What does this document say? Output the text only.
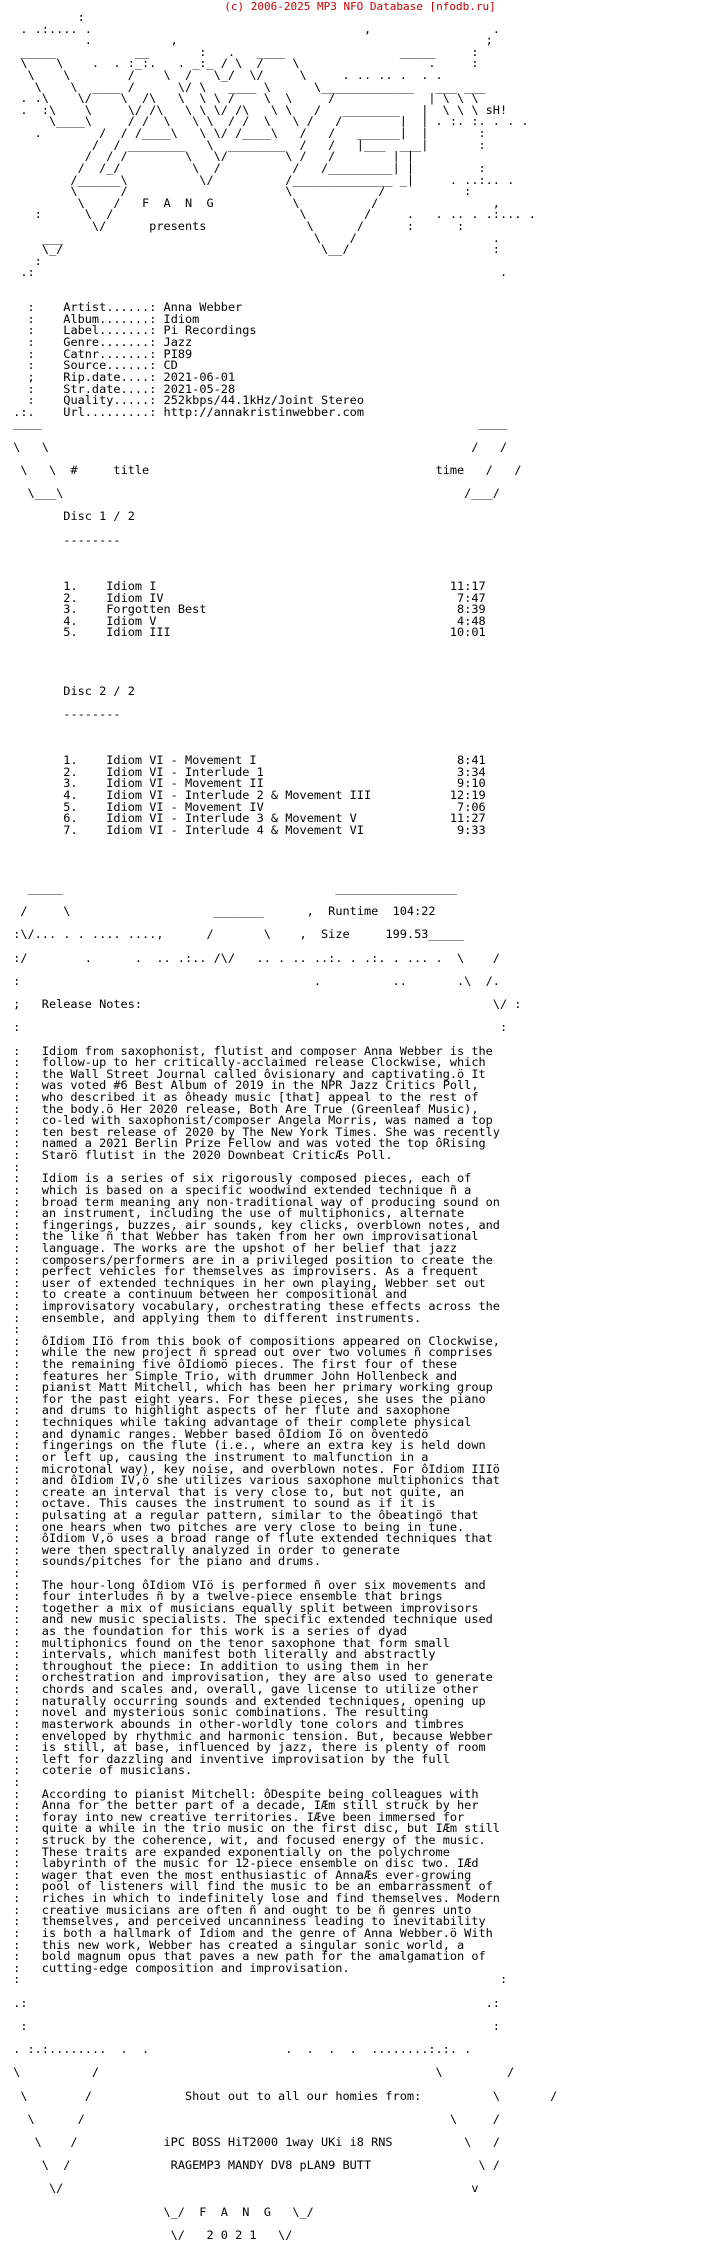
(c) 2006-2025 MP3 NFO Database [nfodb.ru]
:
. .:.... .                                      ,                 .
.           ,                                           ;
_____           __       :   .   ____                _____     :
\    \    .  . :_:.   . _:_ / \  /    \                  .     :
\    \        /    \  /   \_/  \/     \     . .. .. .  . .
\    \  ____ /      \/ \   ____ \      \_____________   ___ ___
. .\    \/    \  /\   \  \ \ /    \  \     /             | \ \ \
.  :\    \     \/ /\   \ \ \/ /\   \ \   /   ________   |  \ \ \ sH!
\____\     / /  \   \ \  / /  \   \ /   /        |  | . :. :. . . .
.        /  / /____\   \ \/ /____\   /   /   ______|  |       :
/  / ________   \  ________  /   /   |___  ___|       :
/  / /        \   \/        \ /   /        | |
/  /_/          \  /          /   /_________| |         :
/______\          \/          /______________ _|     . ..:.. .
\      /                      \            /           :
\    /   F  A  N  G           \          /                ,
:      \  /                          \        /     .   . .. . .:... .
\/      presents              \      /      :      :
___                                   \    /                   .
\_/                                    \__/                    :
:
.:                                                                 .

:    Artist......: Anna Webber
:    Album.......: Idiom
:    Label.......: Pi Recordings
:    Genre.......: Jazz
:    Catnr.......: PI89
:    Source......: CD
;    Rip.date....: 2021-06-01
:    Str.date....: 2021-05-28
:    Quality.....: 252kbps/44.1kHz/Joint Stereo
.:.    Url.........: http://annakristinwebber.com
____                                                             ____

\   \                                                           /   /

\   \  #	title	time   /   /

\___\                                                        /___/

Disc 1 / 2

--------

1. Idiom I	11:17
2. Idiom IV	7:47
3. Forgotten Best	8:39
4. Idiom V	4:48
5. Idiom III	10:01

Disc 2 / 2

--------

1. Idiom VI - Movement I	8:41
2. Idiom VI - Interlude 1	3:34
3. Idiom VI - Movement II	9:10
4. Idiom VI - Interlude 2 & Movement III	12:19
5. Idiom VI - Movement IV	7:06
6. Idiom VI - Interlude 3 & Movement V	11:27
7. Idiom VI - Interlude 4 & Movement VI	9:33

_____                                      _________________

/     \                    _______      ,  Runtime 104:22

:\/... . . .... ....,      /       \    ,  Size	199.53_____

:/        .      .  .. .:.. /\/   .. . .. ..:. . .:. . ... .  \    /

:                                         .          ..       .\  /.

;   Release Notes:                                                 \/ :

:                                                                   :

:   Idiom from saxophonist, flutist and composer Anna Webber is the
:   follow-up to her critically-acclaimed release Clockwise, which
:   the Wall Street Journal called ôvisionary and captivating.ö It
:   was voted #6 Best Album of 2019 in the NPR Jazz Critics Poll,
:   who described it as ôheady music [that] appeal to the rest of
:   the body.ö Her 2020 release, Both Are True (Greenleaf Music),
:   co-led with saxophonist/composer Angela Morris, was named a top
:   ten best release of 2020 by The New York Times. She was recently
:   named a 2021 Berlin Prize Fellow and was voted the top ôRising
:   Starö flutist in the 2020 Downbeat CriticÆs Poll.
:
:   Idiom is a series of six rigorously composed pieces, each of
:   which is based on a specific woodwind extended technique ñ a
:   broad term meaning any non-traditional way of producing sound on
:   an instrument, including the use of multiphonics, alternate
:   fingerings, buzzes, air sounds, key clicks, overblown notes, and
:   the like ñ that Webber has taken from her own improvisational
:   language. The works are the upshot of her belief that jazz
:   composers/performers are in a privileged position to create the
:   perfect vehicles for themselves as improvisers. As a frequent
:   user of extended techniques in her own playing, Webber set out
:   to create a continuum between her compositional and
:   improvisatory vocabulary, orchestrating these effects across the
:   ensemble, and applying them to different instruments.
:
:   ôIdiom IIö from this book of compositions appeared on Clockwise,
:   while the new project ñ spread out over two volumes ñ comprises
:   the remaining five ôIdiomö pieces. The first four of these
:   features her Simple Trio, with drummer John Hollenbeck and
:   pianist Matt Mitchell, which has been her primary working group
:   for the past eight years. For these pieces, she uses the piano
:   and drums to highlight aspects of her flute and saxophone
:   techniques while taking advantage of their complete physical
:   and dynamic ranges. Webber based ôIdiom Iö on ôventedö
:   fingerings on the flute (i.e., where an extra key is held down
:   or left up, causing the instrument to malfunction in a
:   microtonal way), key noise, and overblown notes. For ôIdiom IIIö
:   and ôIdiom IV,ö she utilizes various saxophone multiphonics that
:   create an interval that is very close to, but not quite, an
:   octave. This causes the instrument to sound as if it is
:   pulsating at a regular pattern, similar to the ôbeatingö that
:   one hears when two pitches are very close to being in tune.
:   ôIdiom V,ö uses a broad range of flute extended techniques that
:   were then spectrally analyzed in order to generate
:   sounds/pitches for the piano and drums.
:
:   The hour-long ôIdiom VIö is performed ñ over six movements and
:   four interludes ñ by a twelve-piece ensemble that brings
:   together a mix of musicians equally split between improvisors
:   and new music specialists. The specific extended technique used
:   as the foundation for this work is a series of dyad
:   multiphonics found on the tenor saxophone that form small
:   intervals, which manifest both literally and abstractly
:   throughout the piece: In addition to using them in her
:   orchestration and improvisation, they are also used to generate
:   chords and scales and, overall, gave license to utilize other
:   naturally occurring sounds and extended techniques, opening up
:   novel and mysterious sonic combinations. The resulting
:   masterwork abounds in other-worldly tone colors and timbres
:   enveloped by rhythmic and harmonic tension. But, because Webber
:   is still, at base, influenced by jazz, there is plenty of room
:   left for dazzling and inventive improvisation by the full
:   coterie of musicians.
:
:   According to pianist Mitchell: ôDespite being colleagues with
:   Anna for the better part of a decade, IÆm still struck by her
:   foray into new creative territories. IÆve been immersed for
:   quite a while in the trio music on the first disc, but IÆm still
:   struck by the coherence, wit, and focused energy of the music.
:   These traits are expanded exponentially on the polychrome
:   labyrinth of the music for 12-piece ensemble on disc two. IÆd
:   wager that even the most enthusiastic of AnnaÆs ever-growing
:   pool of listeners will find the music to be an embarrassment of
:   riches in which to indefinitely lose and find themselves. Modern
:   creative musicians are often ñ and ought to be ñ genres unto
:   themselves, and perceived uncanniness leading to inevitability
:   is both a hallmark of Idiom and the genre of Anna Webber.ö With
:   this new work, Webber has created a singular sonic world, a
:   bold magnum opus that paves a new path for the amalgamation of
:   cutting-edge composition and improvisation.
:                                                                   :

.:                                                                .:

:                                                                 :

. :.:........  .  .                   .  .  .  .  ........:.:. .

\          /                                               \         /

\        /             Shout out to all our homies from:          \       /

\      /                                                   \     /

\    /            iPC BOSS HiT2000 1way UKi i8 RNS          \   /

\  /              RAGEMP3 MANDY DV8 pLAN9 BUTT               \ /

\/                                                         v

\_/  F  A  N  G   \_/

\/   2 0 2 1   \/
